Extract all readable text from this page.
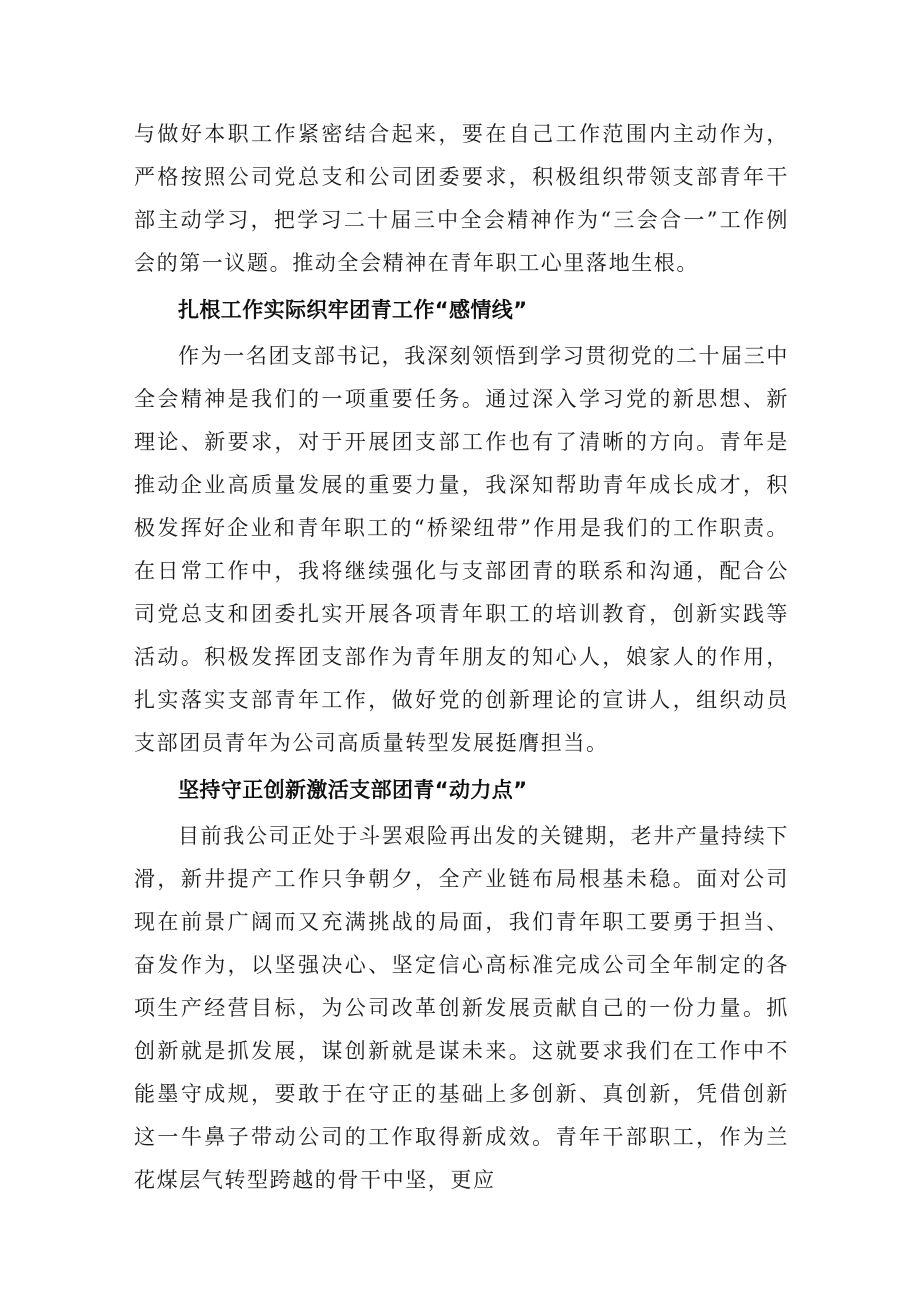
与做好本职工作紧密结合起来，要在自己工作范围内主动作为，严格按照公司党总支和公司团委要求，积极组织带领支部青年干部主动学习，把学习二十届三中全会精神作为“三会合一”工作例会的第一议题。推动全会精神在青年职工心里落地生根。

扎根工作实际织牢团青工作“感情线”

作为一名团支部书记，我深刻领悟到学习贯彻党的二十届三中全会精神是我们的一项重要任务。通过深入学习党的新思想、新理论、新要求，对于开展团支部工作也有了清晰的方向。青年是推动企业高质量发展的重要力量，我深知帮助青年成长成才，积极发挥好企业和青年职工的“桥梁纽带”作用是我们的工作职责。在日常工作中，我将继续强化与支部团青的联系和沟通，配合公司党总支和团委扎实开展各项青年职工的培训教育，创新实践等活动。积极发挥团支部作为青年朋友的知心人，娘家人的作用，扎实落实支部青年工作，做好党的创新理论的宣讲人，组织动员支部团员青年为公司高质量转型发展挺膺担当。

坚持守正创新激活支部团青“动力点”

目前我公司正处于斗罢艰险再出发的关键期，老井产量持续下滑，新井提产工作只争朝夕，全产业链布局根基未稳。面对公司现在前景广阔而又充满挑战的局面，我们青年职工要勇于担当、奋发作为，以坚强决心、坚定信心高标准完成公司全年制定的各项生产经营目标，为公司改革创新发展贡献自己的一份力量。抓创新就是抓发展，谋创新就是谋未来。这就要求我们在工作中不能墨守成规，要敢于在守正的基础上多创新、真创新，凭借创新这一牛鼻子带动公司的工作取得新成效。青年干部职工，作为兰花煤层气转型跨越的骨干中坚，更应
